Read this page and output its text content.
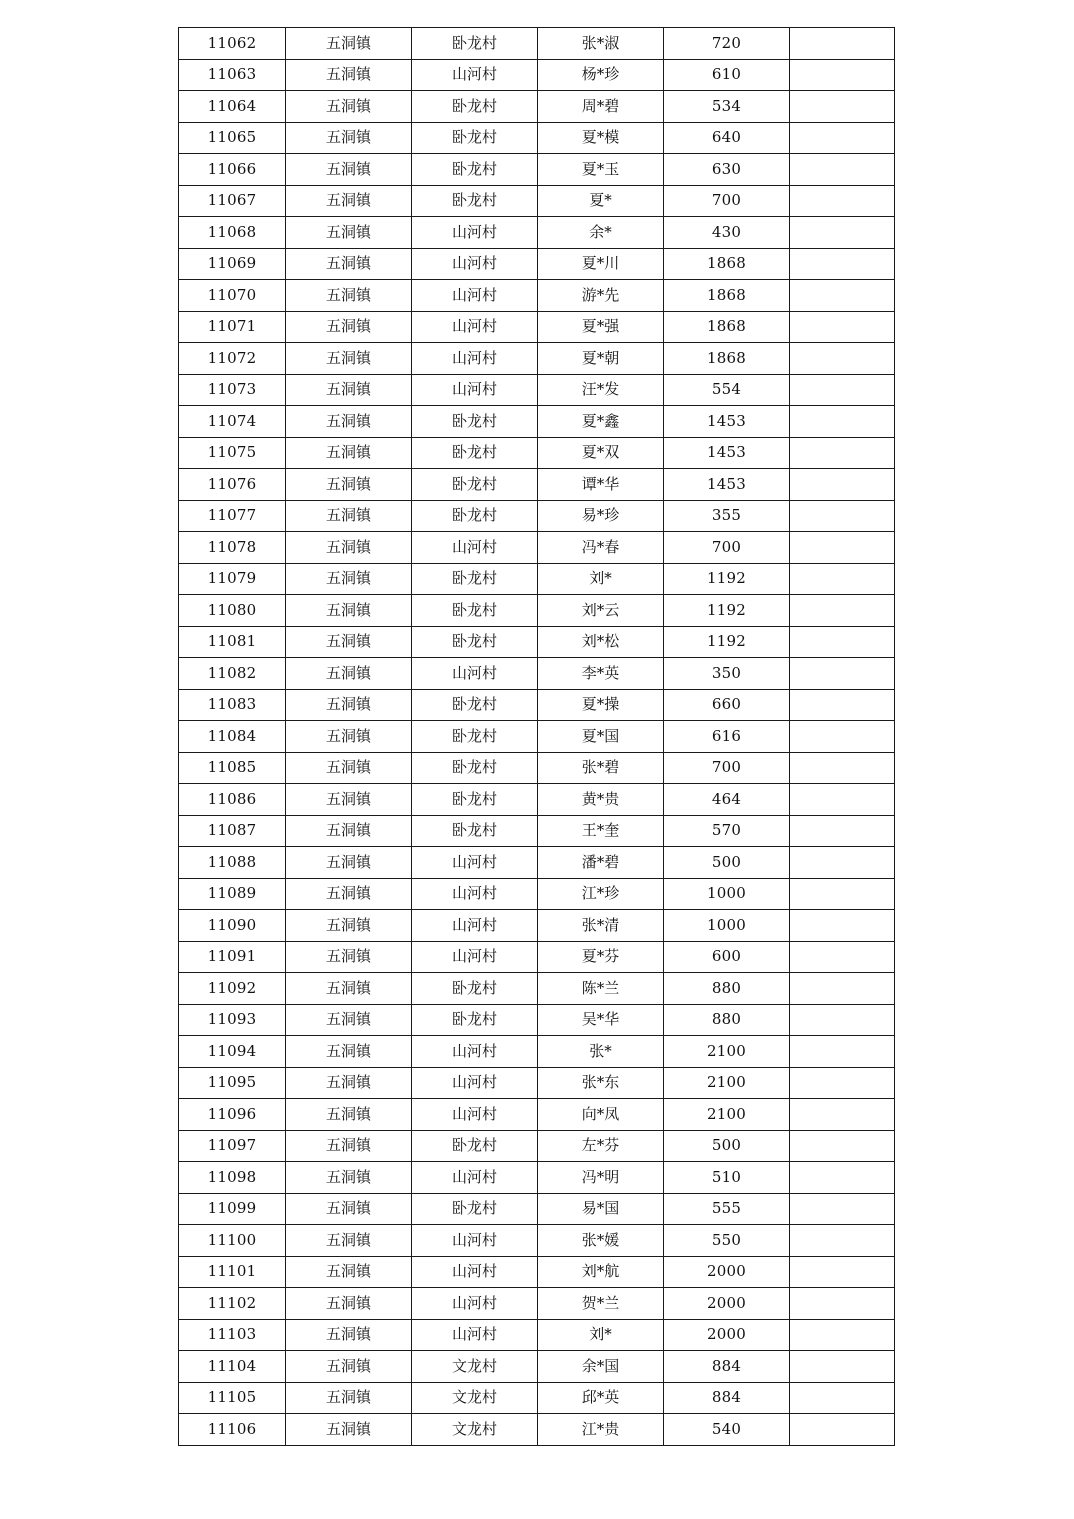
11062	五洞镇	卧龙村	张*淑	720	
11063	五洞镇	山河村	杨*珍	610	
11064	五洞镇	卧龙村	周*碧	534	
11065	五洞镇	卧龙村	夏*模	640	
11066	五洞镇	卧龙村	夏*玉	630	
11067	五洞镇	卧龙村	夏*	700	
11068	五洞镇	山河村	余*	430	
11069	五洞镇	山河村	夏*川	1868	
11070	五洞镇	山河村	游*先	1868	
11071	五洞镇	山河村	夏*强	1868	
11072	五洞镇	山河村	夏*朝	1868	
11073	五洞镇	山河村	汪*发	554	
11074	五洞镇	卧龙村	夏*鑫	1453	
11075	五洞镇	卧龙村	夏*双	1453	
11076	五洞镇	卧龙村	谭*华	1453	
11077	五洞镇	卧龙村	易*珍	355	
11078	五洞镇	山河村	冯*春	700	
11079	五洞镇	卧龙村	刘*	1192	
11080	五洞镇	卧龙村	刘*云	1192	
11081	五洞镇	卧龙村	刘*松	1192	
11082	五洞镇	山河村	李*英	350	
11083	五洞镇	卧龙村	夏*操	660	
11084	五洞镇	卧龙村	夏*国	616	
11085	五洞镇	卧龙村	张*碧	700	
11086	五洞镇	卧龙村	黄*贵	464	
11087	五洞镇	卧龙村	王*奎	570	
11088	五洞镇	山河村	潘*碧	500	
11089	五洞镇	山河村	江*珍	1000	
11090	五洞镇	山河村	张*清	1000	
11091	五洞镇	山河村	夏*芬	600	
11092	五洞镇	卧龙村	陈*兰	880	
11093	五洞镇	卧龙村	吴*华	880	
11094	五洞镇	山河村	张*	2100	
11095	五洞镇	山河村	张*东	2100	
11096	五洞镇	山河村	向*凤	2100	
11097	五洞镇	卧龙村	左*芬	500	
11098	五洞镇	山河村	冯*明	510	
11099	五洞镇	卧龙村	易*国	555	
11100	五洞镇	山河村	张*媛	550	
11101	五洞镇	山河村	刘*航	2000	
11102	五洞镇	山河村	贺*兰	2000	
11103	五洞镇	山河村	刘*	2000	
11104	五洞镇	文龙村	余*国	884	
11105	五洞镇	文龙村	邱*英	884	
11106	五洞镇	文龙村	江*贵	540	
